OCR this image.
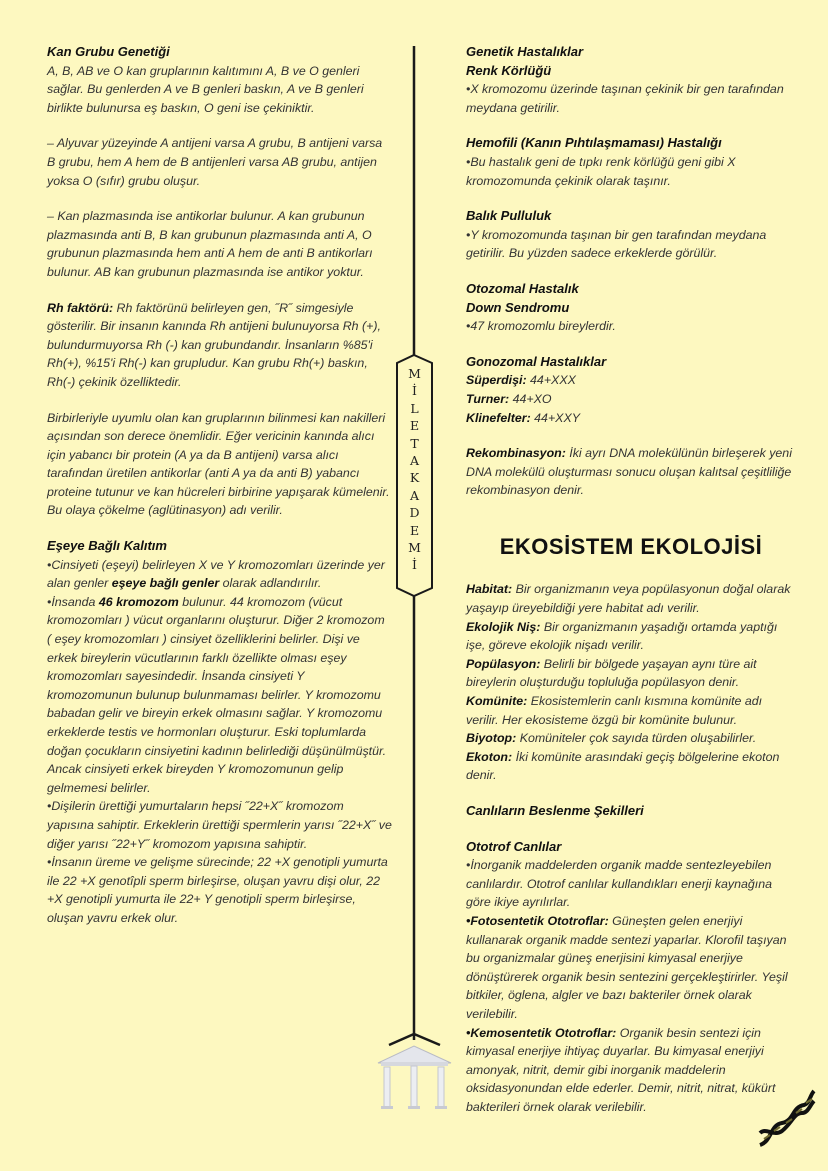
Kan Grubu Genetiği
A, B, AB ve O kan gruplarının kalıtımını A, B ve O genleri sağlar. Bu genlerden A ve B genleri baskın, A ve B genleri birlikte bulunursa eş baskın, O geni ise çekiniktir.
– Alyuvar yüzeyinde A antijeni varsa A grubu, B antijeni varsa B grubu, hem A hem de B antijenleri varsa AB grubu, antijen yoksa O (sıfır) grubu oluşur.
– Kan plazmasında ise antikorlar bulunur. A kan grubunun plazmasında anti B, B kan grubunun plazmasında anti A, O grubunun plazmasında hem anti A hem de anti B antikorları bulunur. AB kan grubunun plazmasında ise antikor yoktur.
Rh faktörü: Rh faktörünü belirleyen gen, ˝R˝ simgesiyle gösterilir. Bir insanın kanında Rh antijeni bulunuyorsa Rh (+), bulundurmuyorsa Rh (-) kan grubundandır. İnsanların %85'i Rh(+), %15'i Rh(-) kan grupludur. Kan grubu Rh(+) baskın, Rh(-) çekinik özelliktedir.
Birbirleriyle uyumlu olan kan gruplarının bilinmesi kan nakilleri açısından son derece önemlidir. Eğer vericinin kanında alıcı için yabancı bir protein (A ya da B antijeni) varsa alıcı tarafından üretilen antikorlar (anti A ya da anti B) yabancı proteine tutunur ve kan hücreleri birbirine yapışarak kümelenir. Bu olaya çökelme (aglütinasyon) adı verilir.
Eşeye Bağlı Kalıtım
•Cinsiyeti (eşeyi) belirleyen X ve Y kromozomları üzerinde yer alan genler eşeye bağlı genler olarak adlandırılır.
•İnsanda 46 kromozom bulunur. 44 kromozom (vücut kromozomları ) vücut organlarını oluşturur. Diğer 2 kromozom ( eşey kromozomları ) cinsiyet özelliklerini belirler. Dişi ve erkek bireylerin vücutlarının farklı özellikte olması eşey kromozomları sayesindedir. İnsanda cinsiyeti Y kromozomunun bulunup bulunmaması belirler. Y kromozomu babadan gelir ve bireyin erkek olmasını sağlar. Y kromozomu erkeklerde testis ve hormonları oluşturur. Eski toplumlarda doğan çocukların cinsiyetini kadının belirlediği düşünülmüştür. Ancak cinsiyeti erkek bireyden Y kromozomunun gelip gelmemesi belirler.
•Dişilerin ürettiği yumurtaların hepsi ˝22+X˝ kromozom yapısına sahiptir. Erkeklerin ürettiği spermlerin yarısı ˝22+X˝ ve diğer yarısı ˝22+Y˝ kromozom yapısına sahiptir.
•İnsanın üreme ve gelişme sürecinde; 22 +X genotipli yumurta ile 22 +X genotîpli sperm birleşirse, oluşan yavru dişi olur, 22 +X genotipli yumurta ile 22+ Y genotipli sperm birleşirse, oluşan yavru erkek olur.
Genetik Hastalıklar
Renk Körlüğü
•X kromozomu üzerinde taşınan çekinik bir gen tarafından meydana getirilir.
Hemofili (Kanın Pıhtılaşmaması) Hastalığı
•Bu hastalık geni de tıpkı renk körlüğü geni gibi X kromozomunda çekinik olarak taşınır.
Balık Pulluluk
•Y kromozomunda taşınan bir gen tarafından meydana getirilir. Bu yüzden sadece erkeklerde görülür.
Otozomal Hastalık
Down Sendromu
•47 kromozomlu bireylerdir.
Gonozomal Hastalıklar
Süperdişi: 44+XXX
Turner: 44+XO
Klinefelter: 44+XXY
Rekombinasyon: İki ayrı DNA molekülünün birleşerek yeni DNA molekülü oluşturması sonucu oluşan kalıtsal çeşitliliğe rekombinasyon denir.
EKOSİSTEM EKOLOJİSİ
Habitat: Bir organizmanın veya popülasyonun doğal olarak yaşayıp üreyebildiği yere habitat adı verilir.
Ekolojik Niş: Bir organizmanın yaşadığı ortamda yaptığı işe, göreve ekolojik nişadı verilir.
Popülasyon: Belirli bir bölgede yaşayan aynı türe ait bireylerin oluşturduğu topluluğa popülasyon denir.
Komünite: Ekosistemlerin canlı kısmına komünite adı verilir. Her ekosisteme özgü bir komünite bulunur.
Biyotop: Komüniteler çok sayıda türden oluşabilirler.
Ekoton: İki komünite arasındaki geçiş bölgelerine ekoton denir.
Canlıların Beslenme Şekilleri
Ototrof Canlılar
•İnorganik maddelerden organik madde sentezleyebilen canlılardır. Ototrof canlılar kullandıkları enerji kaynağına göre ikiye ayrılırlar.
•Fotosentetik Ototroflar: Güneşten gelen enerjiyi kullanarak organik madde sentezi yaparlar. Klorofil taşıyan bu organizmalar güneş enerjisini kimyasal enerjiye dönüştürerek organik besin sentezini gerçekleştirirler. Yeşil bitkiler, öglena, algler ve bazı bakteriler örnek olarak verilebilir.
•Kemosentetik Ototroflar: Organik besin sentezi için kimyasal enerjiye ihtiyaç duyarlar. Bu kimyasal enerjiyi amonyak, nitrit, demir gibi inorganik maddelerin oksidasyonundan elde ederler. Demir, nitrit, nitrat, kükürt bakterileri örnek olarak verilebilir.
M
İ
L
E
T
A
K
A
D
E
M
İ
